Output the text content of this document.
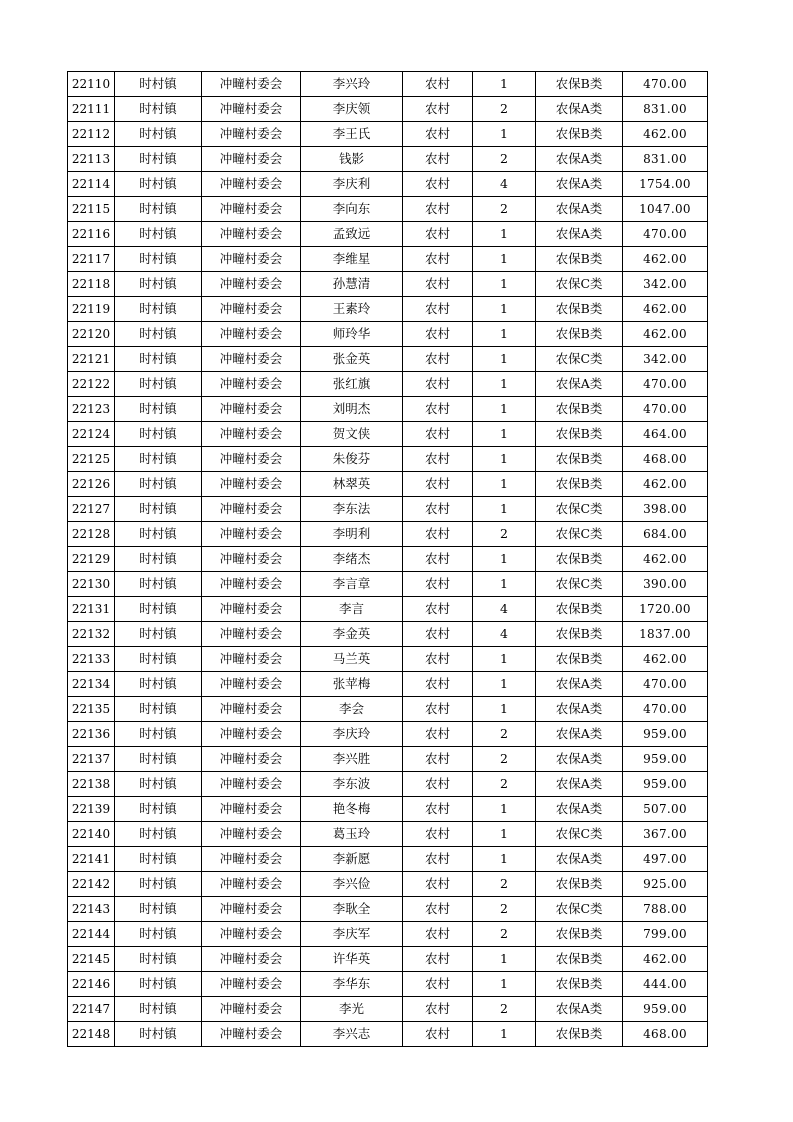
22110	时村镇	冲疃村委会	李兴玲	农村	1	农保B类	470.00
22111	时村镇	冲疃村委会	李庆领	农村	2	农保A类	831.00
22112	时村镇	冲疃村委会	李王氏	农村	1	农保B类	462.00
22113	时村镇	冲疃村委会	钱影	农村	2	农保A类	831.00
22114	时村镇	冲疃村委会	李庆利	农村	4	农保A类	1754.00
22115	时村镇	冲疃村委会	李向东	农村	2	农保A类	1047.00
22116	时村镇	冲疃村委会	孟致远	农村	1	农保A类	470.00
22117	时村镇	冲疃村委会	李维星	农村	1	农保B类	462.00
22118	时村镇	冲疃村委会	孙慧清	农村	1	农保C类	342.00
22119	时村镇	冲疃村委会	王素玲	农村	1	农保B类	462.00
22120	时村镇	冲疃村委会	师玲华	农村	1	农保B类	462.00
22121	时村镇	冲疃村委会	张金英	农村	1	农保C类	342.00
22122	时村镇	冲疃村委会	张红旗	农村	1	农保A类	470.00
22123	时村镇	冲疃村委会	刘明杰	农村	1	农保B类	470.00
22124	时村镇	冲疃村委会	贺文侠	农村	1	农保B类	464.00
22125	时村镇	冲疃村委会	朱俊芬	农村	1	农保B类	468.00
22126	时村镇	冲疃村委会	林翠英	农村	1	农保B类	462.00
22127	时村镇	冲疃村委会	李东法	农村	1	农保C类	398.00
22128	时村镇	冲疃村委会	李明利	农村	2	农保C类	684.00
22129	时村镇	冲疃村委会	李绪杰	农村	1	农保B类	462.00
22130	时村镇	冲疃村委会	李言章	农村	1	农保C类	390.00
22131	时村镇	冲疃村委会	李言	农村	4	农保B类	1720.00
22132	时村镇	冲疃村委会	李金英	农村	4	农保B类	1837.00
22133	时村镇	冲疃村委会	马兰英	农村	1	农保B类	462.00
22134	时村镇	冲疃村委会	张苹梅	农村	1	农保A类	470.00
22135	时村镇	冲疃村委会	李会	农村	1	农保A类	470.00
22136	时村镇	冲疃村委会	李庆玲	农村	2	农保A类	959.00
22137	时村镇	冲疃村委会	李兴胜	农村	2	农保A类	959.00
22138	时村镇	冲疃村委会	李东波	农村	2	农保A类	959.00
22139	时村镇	冲疃村委会	艳冬梅	农村	1	农保A类	507.00
22140	时村镇	冲疃村委会	葛玉玲	农村	1	农保C类	367.00
22141	时村镇	冲疃村委会	李新愿	农村	1	农保A类	497.00
22142	时村镇	冲疃村委会	李兴俭	农村	2	农保B类	925.00
22143	时村镇	冲疃村委会	李耿全	农村	2	农保C类	788.00
22144	时村镇	冲疃村委会	李庆军	农村	2	农保B类	799.00
22145	时村镇	冲疃村委会	许华英	农村	1	农保B类	462.00
22146	时村镇	冲疃村委会	李华东	农村	1	农保B类	444.00
22147	时村镇	冲疃村委会	李光	农村	2	农保A类	959.00
22148	时村镇	冲疃村委会	李兴志	农村	1	农保B类	468.00
